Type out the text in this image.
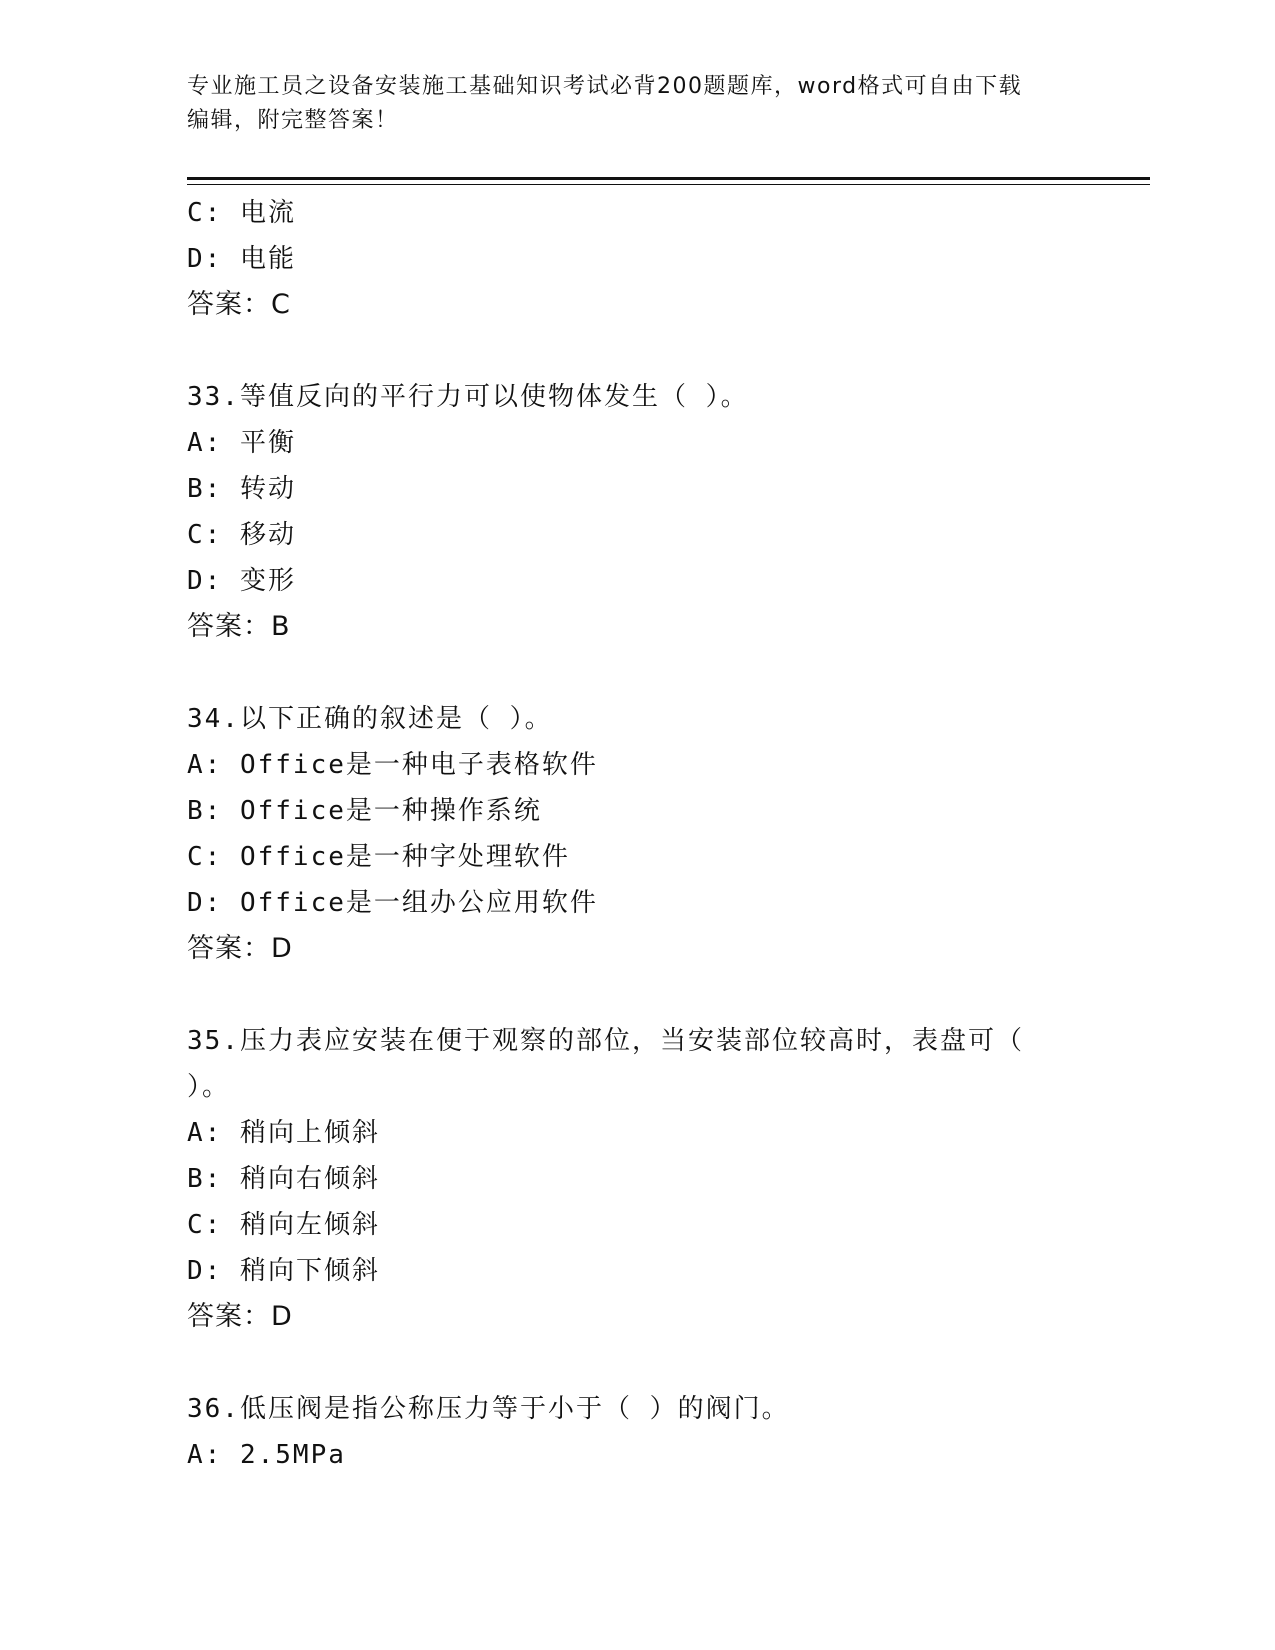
专业施工员之设备安装施工基础知识考试必背200题题库，word格式可自由下载
编辑，附完整答案！
C: 电流
D: 电能
答案：C
33.等值反向的平行力可以使物体发生（ ）。
A: 平衡
B: 转动
C: 移动
D: 变形
答案：B
34.以下正确的叙述是（ ）。
A: Office是一种电子表格软件
B: Office是一种操作系统
C: Office是一种字处理软件
D: Office是一组办公应用软件
答案：D
35.压力表应安装在便于观察的部位，当安装部位较高时，表盘可（
）。
A: 稍向上倾斜
B: 稍向右倾斜
C: 稍向左倾斜
D: 稍向下倾斜
答案：D
36.低压阀是指公称压力等于小于（ ）的阀门。
A: 2.5MPa
